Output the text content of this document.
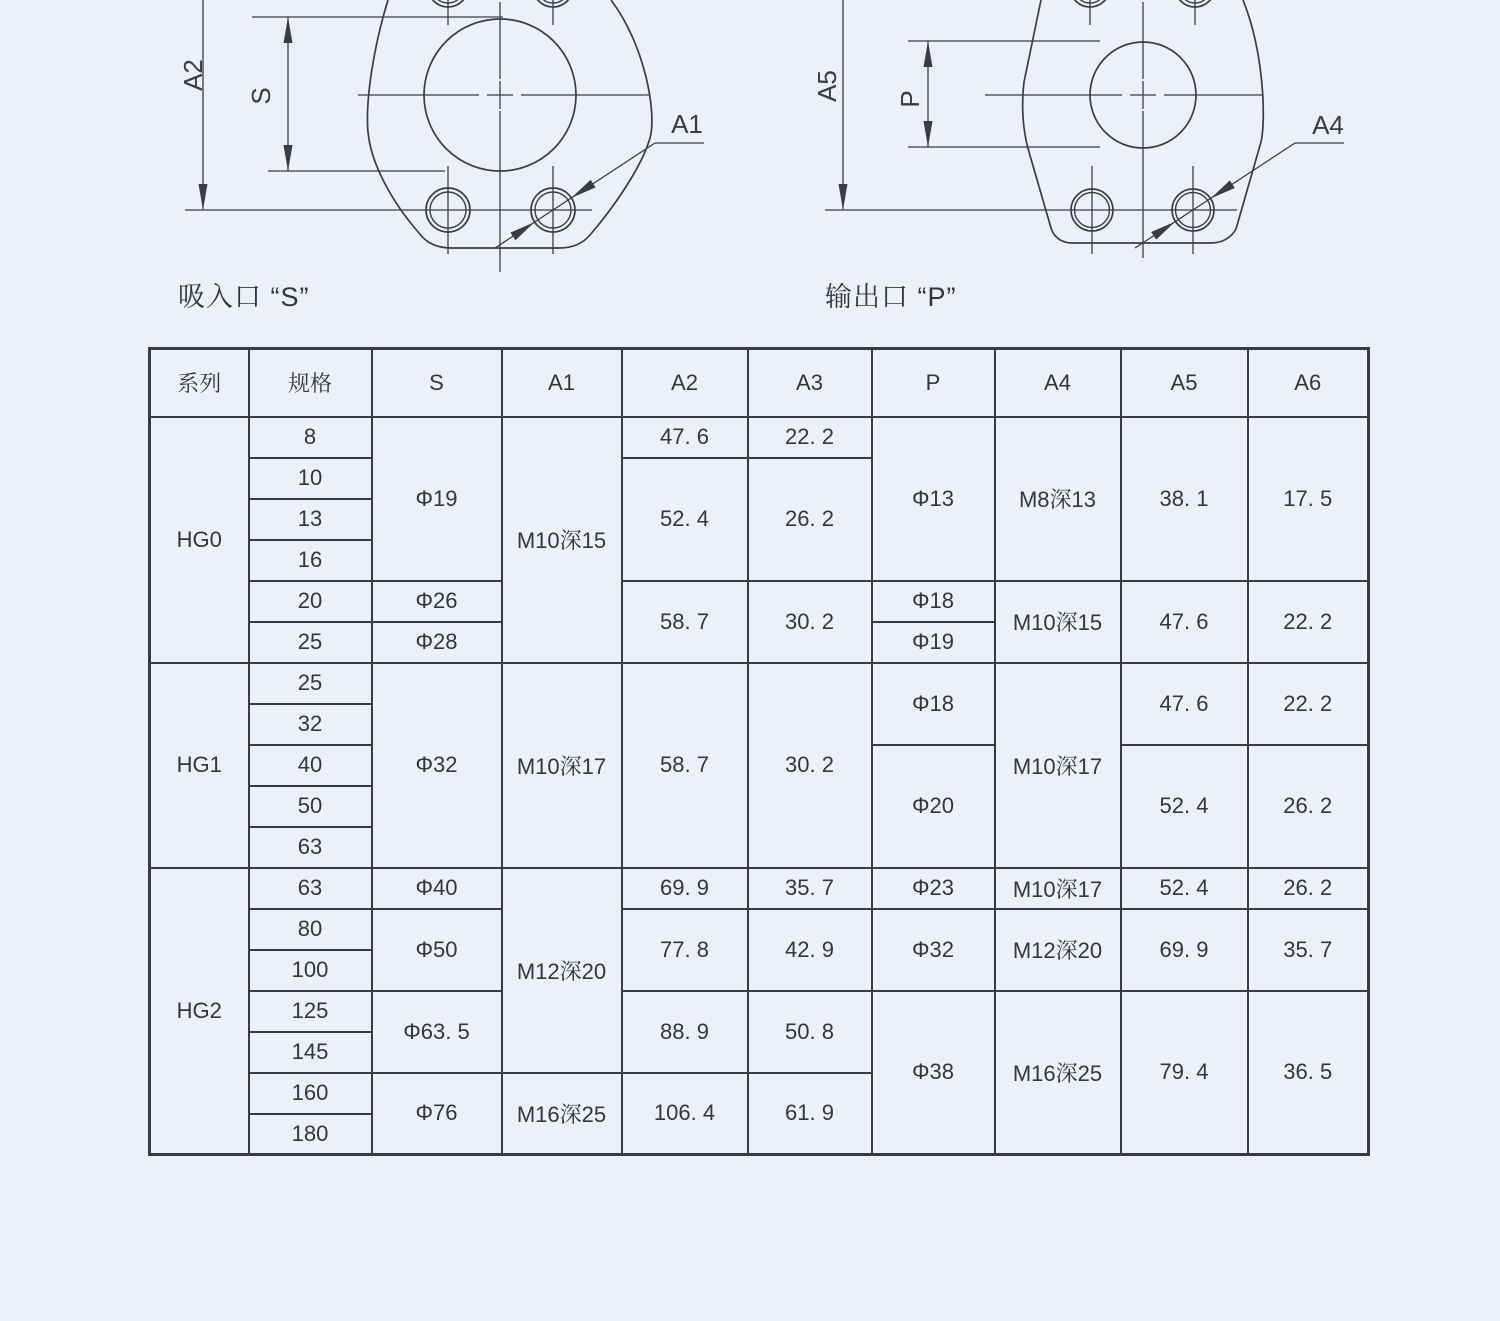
A2
S
A1
A5 P
A4
吸入口 “S”	输出口 “P”
系列	规格	S	A1	A2	A3	P	A4	A5	A6
HG0	8	Φ19	M10深15	47. 6	22. 2	Φ13	M8深13	38. 1	17. 5
	10			52. 4	26. 2				
	13								
	16								
	20	Φ26		58. 7	30. 2	Φ18	M10深15	47. 6	22. 2
	25	Φ28				Φ19			
HG1	25	Φ32	M10深17	58. 7	30. 2	Φ18	M10深17	47. 6	22. 2
	32								
	40					Φ20		52. 4	26. 2
	50								
	63								
HG2	63	Φ40	M12深20	69. 9	35. 7	Φ23	M10深17	52. 4	26. 2
	80	Φ50		77. 8	42. 9	Φ32	M12深20	69. 9	35. 7
	100								
	125	Φ63. 5		88. 9	50. 8	Φ38	M16深25	79. 4	36. 5
	145								
	160	Φ76	M16深25	106. 4	61. 9				
	180								
